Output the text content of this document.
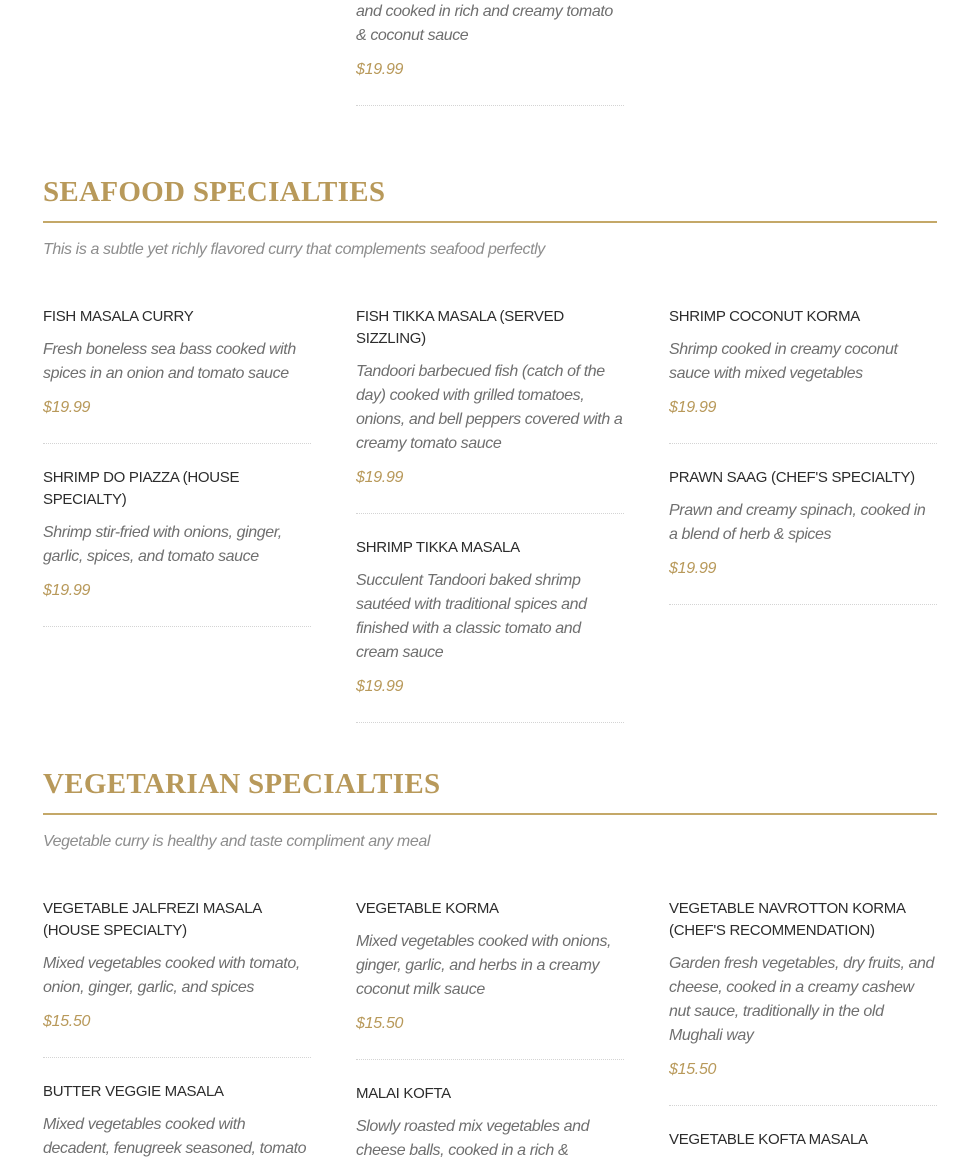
and cooked in rich and creamy tomato & coconut sauce
$19.99
SEAFOOD SPECIALTIES
This is a subtle yet richly flavored curry that complements seafood perfectly
FISH MASALA CURRY
Fresh boneless sea bass cooked with spices in an onion and tomato sauce
$19.99
SHRIMP DO PIAZZA (HOUSE SPECIALTY)
Shrimp stir-fried with onions, ginger, garlic, spices, and tomato sauce
$19.99
FISH TIKKA MASALA (SERVED SIZZLING)
Tandoori barbecued fish (catch of the day) cooked with grilled tomatoes, onions, and bell peppers covered with a creamy tomato sauce
$19.99
SHRIMP TIKKA MASALA
Succulent Tandoori baked shrimp sautéed with traditional spices and finished with a classic tomato and cream sauce
$19.99
SHRIMP COCONUT KORMA
Shrimp cooked in creamy coconut sauce with mixed vegetables
$19.99
PRAWN SAAG (CHEF'S SPECIALTY)
Prawn and creamy spinach, cooked in a blend of herb & spices
$19.99
VEGETARIAN SPECIALTIES
Vegetable curry is healthy and taste compliment any meal
VEGETABLE JALFREZI MASALA (HOUSE SPECIALTY)
Mixed vegetables cooked with tomato, onion, ginger, garlic, and spices
$15.50
BUTTER VEGGIE MASALA
Mixed vegetables cooked with decadent, fenugreek seasoned, tomato
VEGETABLE KORMA
Mixed vegetables cooked with onions, ginger, garlic, and herbs in a creamy coconut milk sauce
$15.50
MALAI KOFTA
Slowly roasted mix vegetables and cheese balls, cooked in a rich &
VEGETABLE NAVROTTON KORMA (CHEF'S RECOMMENDATION)
Garden fresh vegetables, dry fruits, and cheese, cooked in a creamy cashew nut sauce, traditionally in the old Mughali way
$15.50
VEGETABLE KOFTA MASALA
